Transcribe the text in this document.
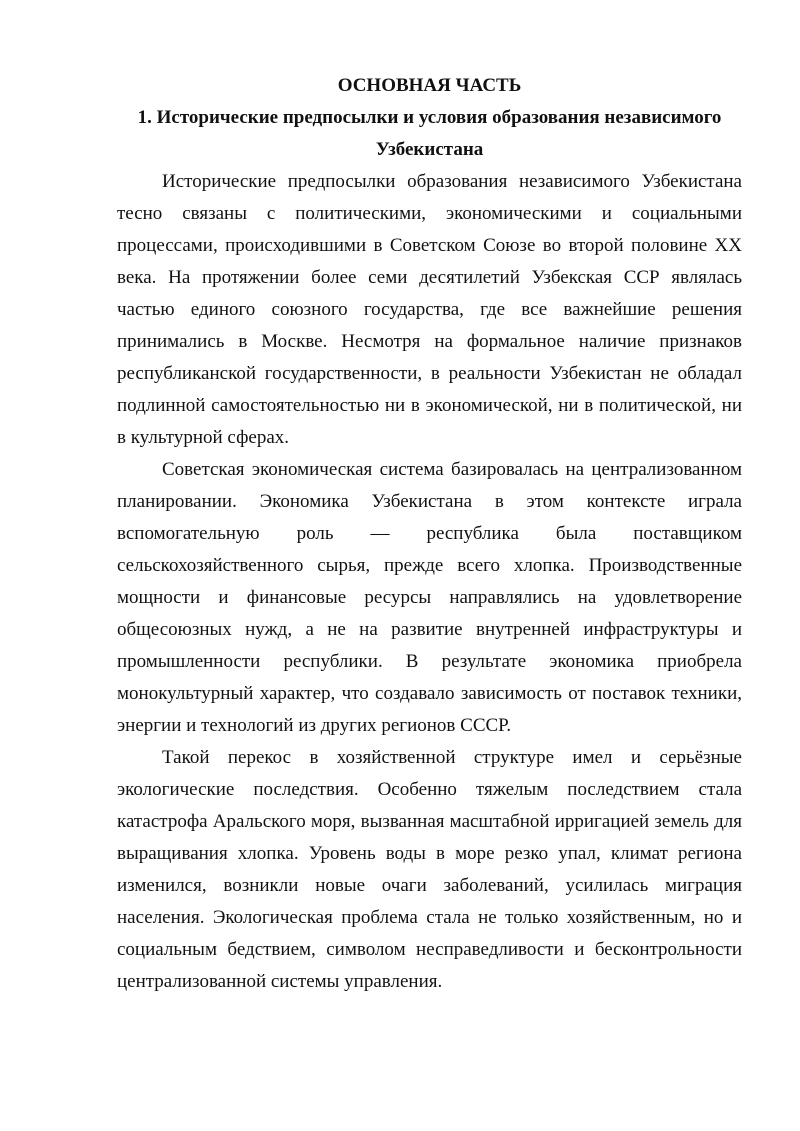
ОСНОВНАЯ ЧАСТЬ

1. Исторические предпосылки и условия образования независимого Узбекистана

Исторические предпосылки образования независимого Узбекистана тесно связаны с политическими, экономическими и социальными процессами, происходившими в Советском Союзе во второй половине XX века. На протяжении более семи десятилетий Узбекская ССР являлась частью единого союзного государства, где все важнейшие решения принимались в Москве. Несмотря на формальное наличие признаков республиканской государственности, в реальности Узбекистан не обладал подлинной самостоятельностью ни в экономической, ни в политической, ни в культурной сферах.

Советская экономическая система базировалась на централизованном планировании. Экономика Узбекистана в этом контексте играла вспомогательную роль — республика была поставщиком сельскохозяйственного сырья, прежде всего хлопка. Производственные мощности и финансовые ресурсы направлялись на удовлетворение общесоюзных нужд, а не на развитие внутренней инфраструктуры и промышленности республики. В результате экономика приобрела монокультурный характер, что создавало зависимость от поставок техники, энергии и технологий из других регионов СССР.

Такой перекос в хозяйственной структуре имел и серьёзные экологические последствия. Особенно тяжелым последствием стала катастрофа Аральского моря, вызванная масштабной ирригацией земель для выращивания хлопка. Уровень воды в море резко упал, климат региона изменился, возникли новые очаги заболеваний, усилилась миграция населения. Экологическая проблема стала не только хозяйственным, но и социальным бедствием, символом несправедливости и бесконтрольности централизованной системы управления.
